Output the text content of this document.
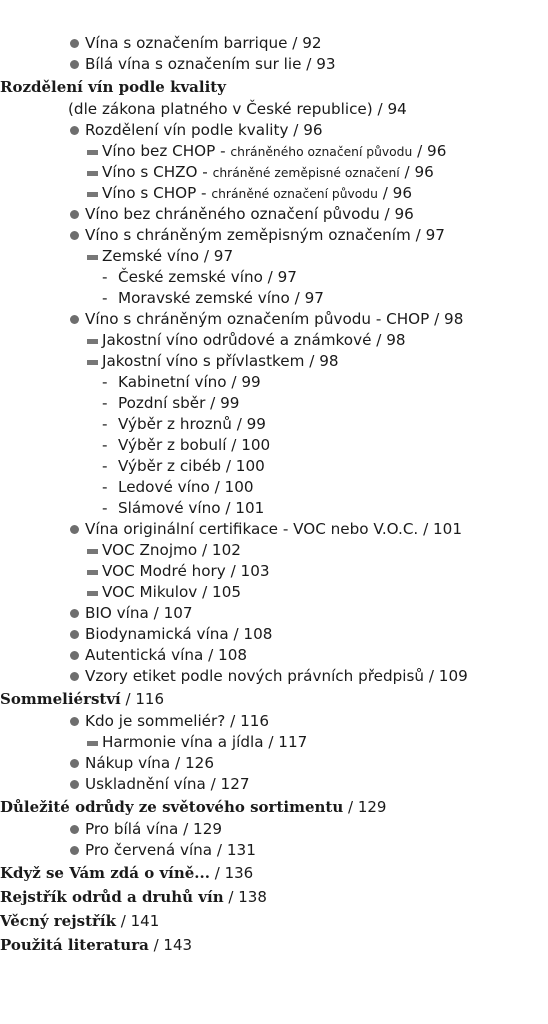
Vína s označením barrique / 92
Bílá vína s označením sur lie / 93
Rozdělení vín podle kvality
(dle zákona platného v České republice) / 94
Rozdělení vín podle kvality / 96
Víno bez CHOP - chráněného označení původu / 96
Víno s CHZO - chráněné zeměpisné označení / 96
Víno s CHOP - chráněné označení původu / 96
Víno bez chráněného označení původu / 96
Víno s chráněným zeměpisným označením / 97
Zemské víno / 97
- České zemské víno / 97
- Moravské zemské víno / 97
Víno s chráněným označením původu - CHOP / 98
Jakostní víno odrůdové a známkové / 98
Jakostní víno s přívlastkem / 98
- Kabinetní víno / 99
- Pozdní sběr / 99
- Výběr z hroznů / 99
- Výběr z bobulí / 100
- Výběr z cibéb / 100
- Ledové víno / 100
- Slámové víno / 101
Vína originální certifikace - VOC nebo V.O.C. / 101
VOC Znojmo / 102
VOC Modré hory / 103
VOC Mikulov / 105
BIO vína / 107
Biodynamická vína / 108
Autentická vína / 108
Vzory etiket podle nových právních předpisů / 109
Sommeliérství / 116
Kdo je sommeliér? / 116
Harmonie vína a jídla / 117
Nákup vína / 126
Uskladnění vína / 127
Důležité odrůdy ze světového sortimentu / 129
Pro bílá vína / 129
Pro červená vína / 131
Když se Vám zdá o víně... / 136
Rejstřík odrůd a druhů vín / 138
Věcný rejstřík / 141
Použitá literatura / 143
